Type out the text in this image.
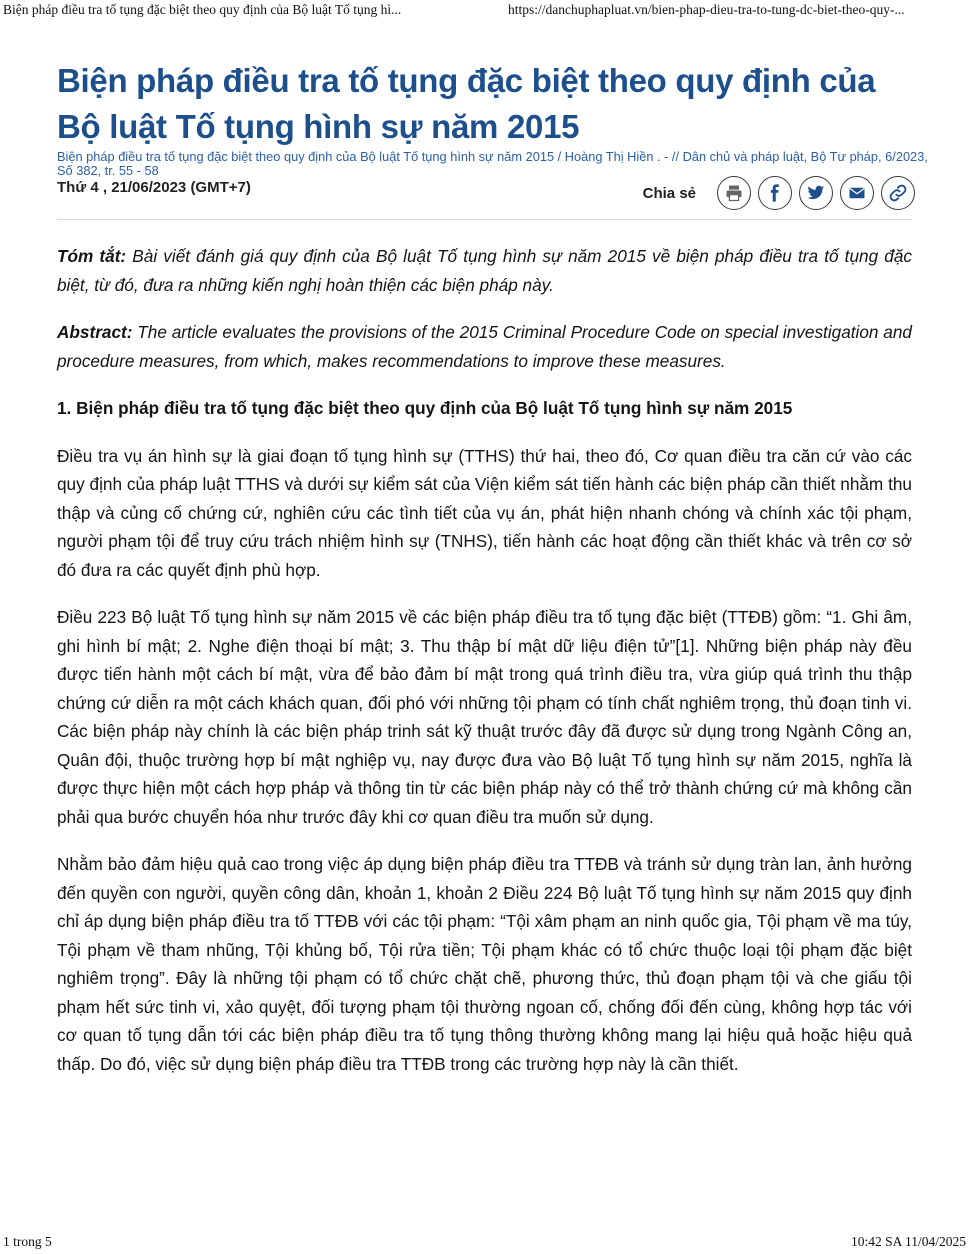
Biện pháp điều tra tố tụng đặc biệt theo quy định của Bộ luật Tố tụng hì...	https://danchuphapluat.vn/bien-phap-dieu-tra-to-tung-dc-biet-theo-quy-...
Biện pháp điều tra tố tụng đặc biệt theo quy định của
Bộ luật Tố tụng hình sự năm 2015

Biện pháp điều tra tố tụng đặc biệt theo quy định của Bộ luật Tố tụng hình sự năm 2015 / Hoàng Thị Hiền . - // Dân chủ và pháp luật, Bộ Tư pháp, 6/2023, Số 382, tr. 55 - 58

Thứ 4 , 21/06/2023 (GMT+7)	Chia sẻ

Tóm tắt: Bài viết đánh giá quy định của Bộ luật Tố tụng hình sự năm 2015 về biện pháp điều tra tố tụng đặc biệt, từ đó, đưa ra những kiến nghị hoàn thiện các biện pháp này.

Abstract: The article evaluates the provisions of the 2015 Criminal Procedure Code on special investigation and procedure measures, from which, makes recommendations to improve these measures.

1. Biện pháp điều tra tố tụng đặc biệt theo quy định của Bộ luật Tố tụng hình sự năm 2015

Điều tra vụ án hình sự là giai đoạn tố tụng hình sự (TTHS) thứ hai, theo đó, Cơ quan điều tra căn cứ vào các quy định của pháp luật TTHS và dưới sự kiểm sát của Viện kiểm sát tiến hành các biện pháp cần thiết nhằm thu thập và củng cố chứng cứ, nghiên cứu các tình tiết của vụ án, phát hiện nhanh chóng và chính xác tội phạm, người phạm tội để truy cứu trách nhiệm hình sự (TNHS), tiến hành các hoạt động cần thiết khác và trên cơ sở đó đưa ra các quyết định phù hợp.

Điều 223 Bộ luật Tố tụng hình sự năm 2015 về các biện pháp điều tra tố tụng đặc biệt (TTĐB) gồm: “1. Ghi âm, ghi hình bí mật; 2. Nghe điện thoại bí mật; 3. Thu thập bí mật dữ liệu điện tử”[1]. Những biện pháp này đều được tiến hành một cách bí mật, vừa để bảo đảm bí mật trong quá trình điều tra, vừa giúp quá trình thu thập chứng cứ diễn ra một cách khách quan, đối phó với những tội phạm có tính chất nghiêm trọng, thủ đoạn tinh vi. Các biện pháp này chính là các biện pháp trinh sát kỹ thuật trước đây đã được sử dụng trong Ngành Công an, Quân đội, thuộc trường hợp bí mật nghiệp vụ, nay được đưa vào Bộ luật Tố tụng hình sự năm 2015, nghĩa là được thực hiện một cách hợp pháp và thông tin từ các biện pháp này có thể trở thành chứng cứ mà không cần phải qua bước chuyển hóa như trước đây khi cơ quan điều tra muốn sử dụng.

Nhằm bảo đảm hiệu quả cao trong việc áp dụng biện pháp điều tra TTĐB và tránh sử dụng tràn lan, ảnh hưởng đến quyền con người, quyền công dân, khoản 1, khoản 2 Điều 224 Bộ luật Tố tụng hình sự năm 2015 quy định chỉ áp dụng biện pháp điều tra tố TTĐB với các tội phạm: “Tội xâm phạm an ninh quốc gia, Tội phạm về ma túy, Tội phạm về tham nhũng, Tội khủng bố, Tội rửa tiền; Tội phạm khác có tổ chức thuộc loại tội phạm đặc biệt nghiêm trọng”. Đây là những tội phạm có tổ chức chặt chẽ, phương thức, thủ đoạn phạm tội và che giấu tội phạm hết sức tinh vi, xảo quyệt, đối tượng phạm tội thường ngoan cố, chống đối đến cùng, không hợp tác với cơ quan tố tụng dẫn tới các biện pháp điều tra tố tụng thông thường không mang lại hiệu quả hoặc hiệu quả thấp. Do đó, việc sử dụng biện pháp điều tra TTĐB trong các trường hợp này là cần thiết.

1 trong 5	10:42 SA 11/04/2025
